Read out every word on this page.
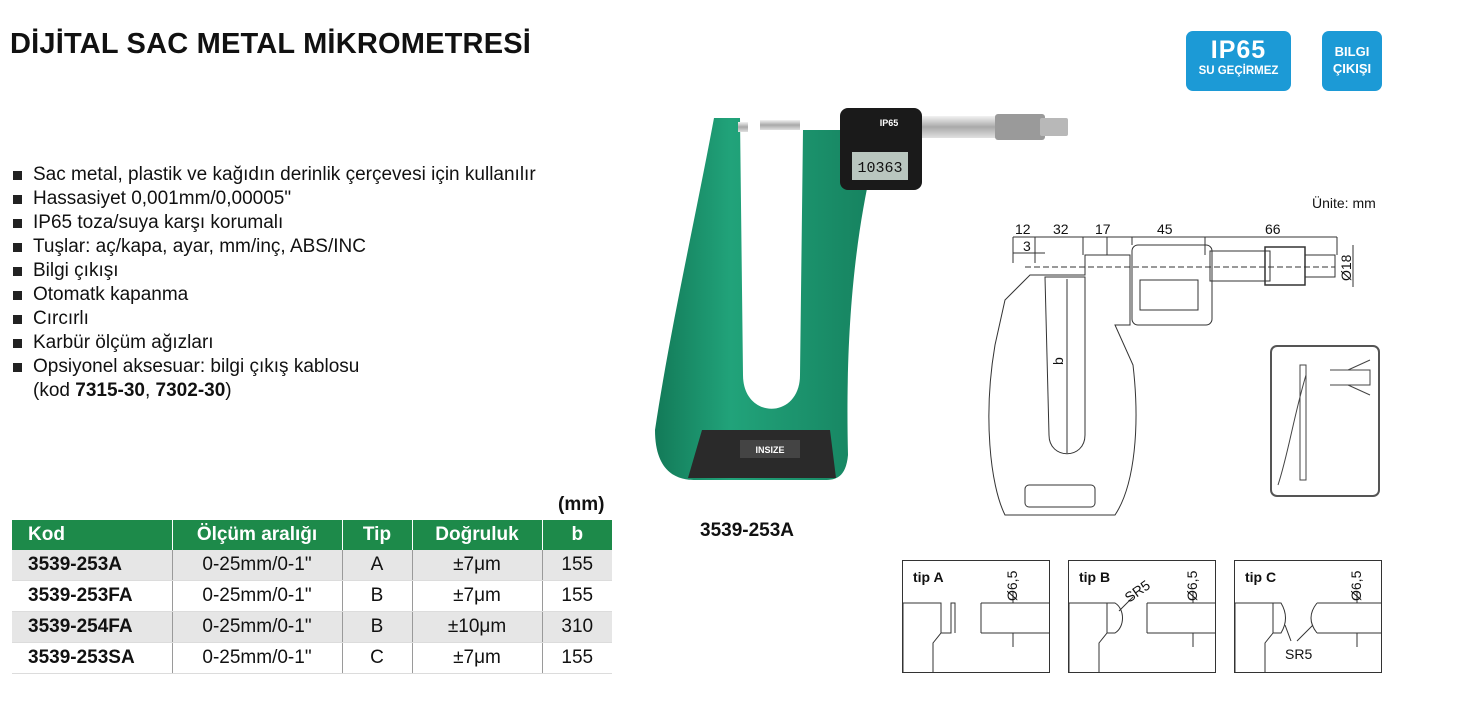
DİJİTAL SAC METAL MİKROMETRESİ	IP65
SU GEÇİRMEZ
BILGI
ÇIKIŞI
Sac metal, plastik ve kağıdın derinlik çerçevesi için kullanılır
Hassasiyet 0,001mm/0,00005"
IP65 toza/suya karşı korumalı
Tuşlar: aç/kapa, ayar, mm/inç, ABS/INC
Bilgi çıkışı
Otomatk kapanma
Cırcırlı
Karbür ölçüm ağızları
Opsiyonel aksesuar: bilgi çıkış kablosu
(kod 7315-30, 7302-30)
(mm)
Kod	Ölçüm aralığı	Tip	Doğruluk	b
3539-253A	0-25mm/0-1"	A	±7μm	155
3539-253FA	0-25mm/0-1"	B	±7μm	155
3539-254FA	0-25mm/0-1"	B	±10μm	310
3539-253SA	0-25mm/0-1"	C	±7μm	155
10363
IP65
INSIZE
3539-253A
Ünite: mm
12 32 17	45	66
3
Ø18
b
tip A	Ø6,5	tip B SR5 Ø6,5	tip C	Ø6,5
SR5
